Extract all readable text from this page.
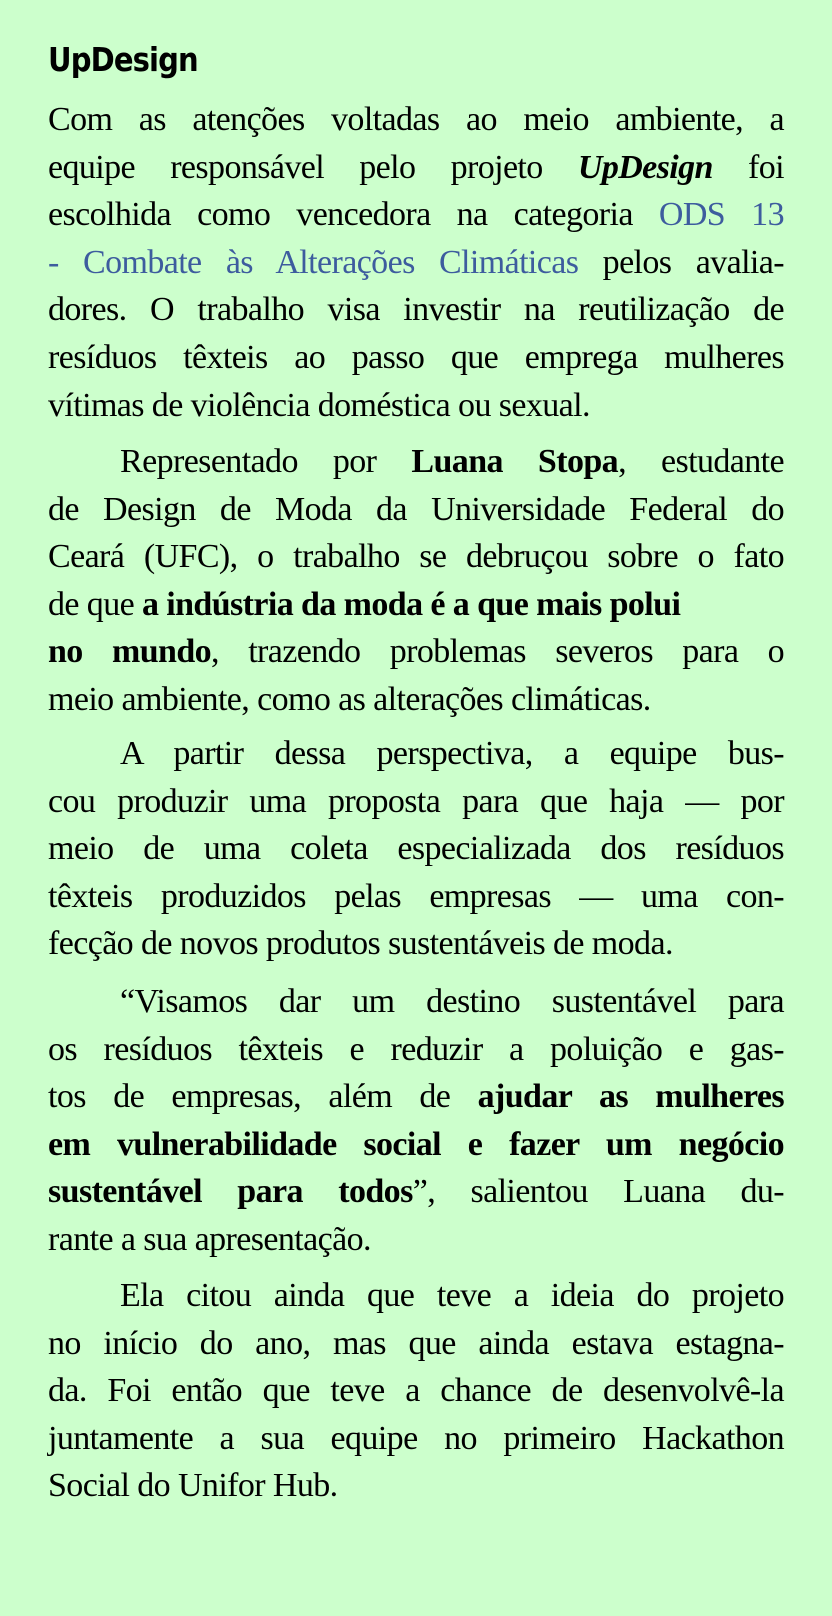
UpDesign
Com as atenções voltadas ao meio ambiente, a
equipe responsável pelo projeto UpDesign foi
escolhida como vencedora na categoria ODS 13
- Combate às Alterações Climáticas pelos avalia-
dores. O trabalho visa investir na reutilização de
resíduos têxteis ao passo que emprega mulheres
vítimas de violência doméstica ou sexual.
Representado por Luana Stopa, estudante
de Design de Moda da Universidade Federal do
Ceará (UFC), o trabalho se debruçou sobre o fato
de que a indústria da moda é a que mais polui
no mundo, trazendo problemas severos para o
meio ambiente, como as alterações climáticas.
A partir dessa perspectiva, a equipe bus-
cou produzir uma proposta para que haja — por
meio de uma coleta especializada dos resíduos
têxteis produzidos pelas empresas — uma con-
fecção de novos produtos sustentáveis de moda.
“Visamos dar um destino sustentável para
os resíduos têxteis e reduzir a poluição e gas-
tos de empresas, além de ajudar as mulheres
em vulnerabilidade social e fazer um negócio
sustentável para todos”, salientou Luana du-
rante a sua apresentação.
Ela citou ainda que teve a ideia do projeto
no início do ano, mas que ainda estava estagna-
da. Foi então que teve a chance de desenvolvê-la
juntamente a sua equipe no primeiro Hackathon
Social do Unifor Hub.
